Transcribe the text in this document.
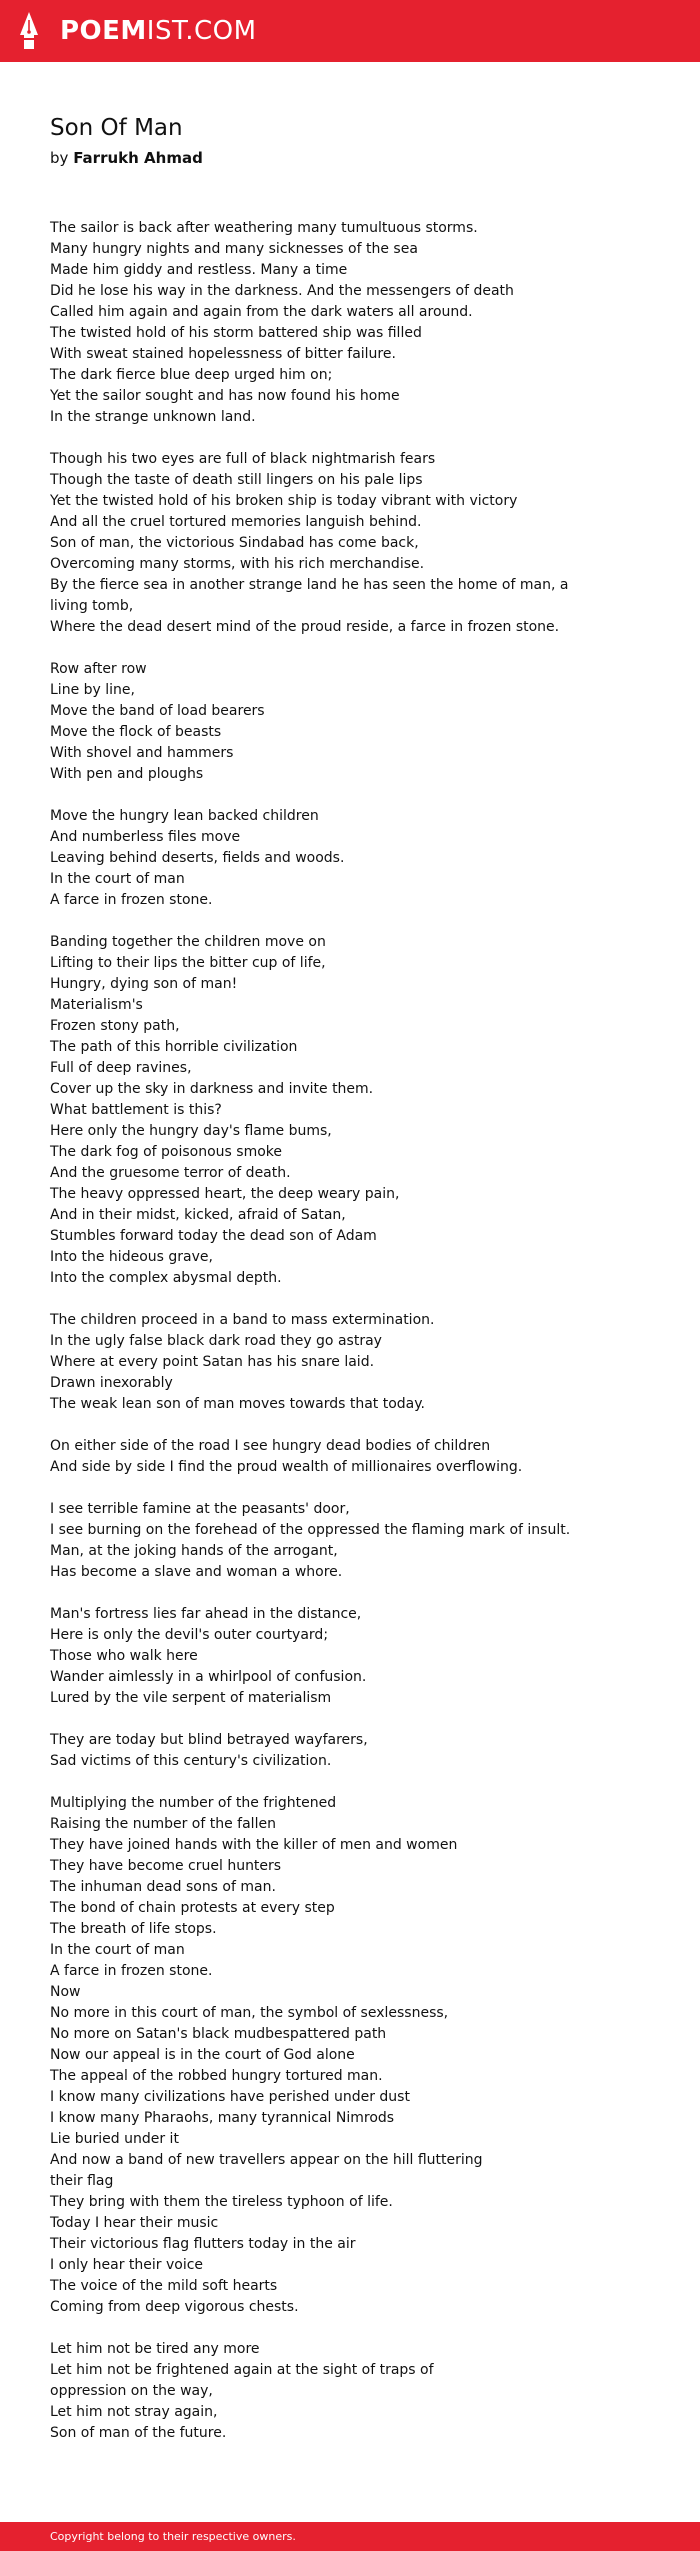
POEMIST.COM
Son Of Man
by Farrukh Ahmad
The sailor is back after weathering many tumultuous storms.
Many hungry nights and many sicknesses of the sea
Made him giddy and restless. Many a time
Did he lose his way in the darkness. And the messengers of death
Called him again and again from the dark waters all around.
The twisted hold of his storm battered ship was filled
With sweat stained hopelessness of bitter failure.
The dark fierce blue deep urged him on;
Yet the sailor sought and has now found his home
In the strange unknown land.
Though his two eyes are full of black nightmarish fears
Though the taste of death still lingers on his pale lips
Yet the twisted hold of his broken ship is today vibrant with victory
And all the cruel tortured memories languish behind.
Son of man, the victorious Sindabad has come back,
Overcoming many storms, with his rich merchandise.
By the fierce sea in another strange land he has seen the home of man, a
living tomb,
Where the dead desert mind of the proud reside, a farce in frozen stone.
Row after row
Line by line,
Move the band of load bearers
Move the flock of beasts
With shovel and hammers
With pen and ploughs
Move the hungry lean backed children
And numberless files move
Leaving behind deserts, fields and woods.
In the court of man
A farce in frozen stone.
Banding together the children move on
Lifting to their lips the bitter cup of life,
Hungry, dying son of man!
Materialism's
Frozen stony path,
The path of this horrible civilization
Full of deep ravines,
Cover up the sky in darkness and invite them.
What battlement is this?
Here only the hungry day's flame bums,
The dark fog of poisonous smoke
And the gruesome terror of death.
The heavy oppressed heart, the deep weary pain,
And in their midst, kicked, afraid of Satan,
Stumbles forward today the dead son of Adam
Into the hideous grave,
Into the complex abysmal depth.
The children proceed in a band to mass extermination.
In the ugly false black dark road they go astray
Where at every point Satan has his snare laid.
Drawn inexorably
The weak lean son of man moves towards that today.
On either side of the road I see hungry dead bodies of children
And side by side I find the proud wealth of millionaires overflowing.
I see terrible famine at the peasants' door,
I see burning on the forehead of the oppressed the flaming mark of insult.
Man, at the joking hands of the arrogant,
Has become a slave and woman a whore.
Man's fortress lies far ahead in the distance,
Here is only the devil's outer courtyard;
Those who walk here
Wander aimlessly in a whirlpool of confusion.
Lured by the vile serpent of materialism
They are today but blind betrayed wayfarers,
Sad victims of this century's civilization.
Multiplying the number of the frightened
Raising the number of the fallen
They have joined hands with the killer of men and women
They have become cruel hunters
The inhuman dead sons of man.
The bond of chain protests at every step
The breath of life stops.
In the court of man
A farce in frozen stone.
Now
No more in this court of man, the symbol of sexlessness,
No more on Satan's black mudbespattered path
Now our appeal is in the court of God alone
The appeal of the robbed hungry tortured man.
I know many civilizations have perished under dust
I know many Pharaohs, many tyrannical Nimrods
Lie buried under it
And now a band of new travellers appear on the hill fluttering
their flag
They bring with them the tireless typhoon of life.
Today I hear their music
Their victorious flag flutters today in the air
I only hear their voice
The voice of the mild soft hearts
Coming from deep vigorous chests.
Let him not be tired any more
Let him not be frightened again at the sight of traps of
oppression on the way,
Let him not stray again,
Son of man of the future.
Copyright belong to their respective owners.
